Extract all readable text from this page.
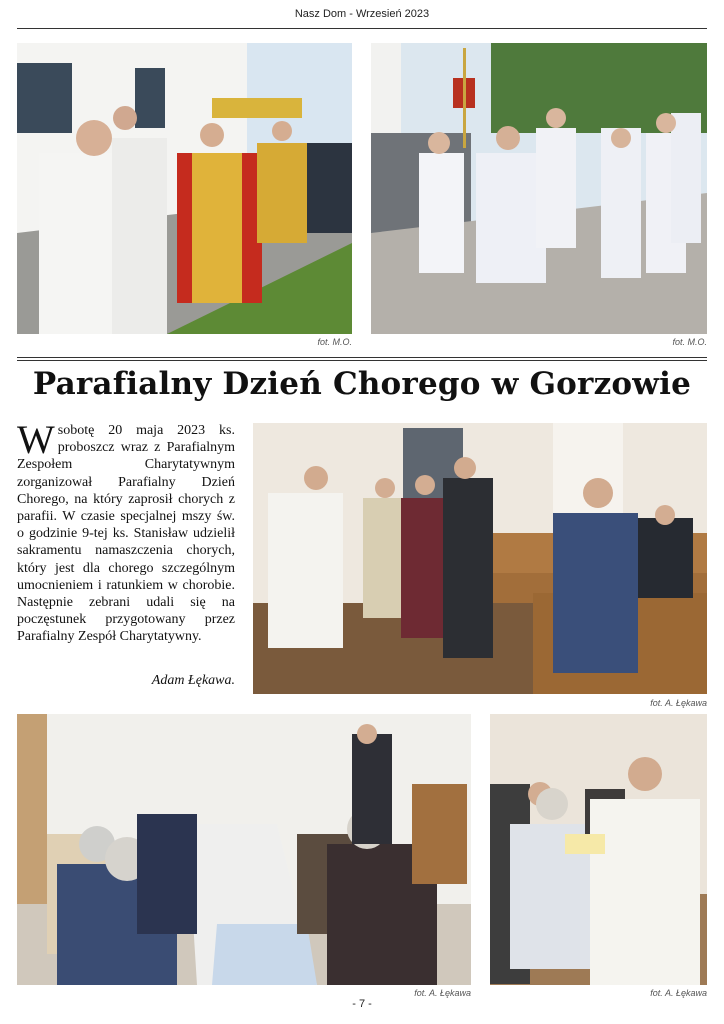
Nasz Dom - Wrzesień 2023
fot. M.O.	fot. M.O.
Parafialny Dzień Chorego w Gorzowie
W sobotę 20 maja 2023 ks. proboszcz wraz z Parafialnym Zespołem Charytatywnym zorganizował Parafialny Dzień Chorego, na który zaprosił chorych z parafii. W czasie specjalnej mszy św. o godzinie 9-tej ks. Stanisław udzielił sakramentu namaszczenia chorych, który jest dla chorego szczególnym umocnieniem i ratunkiem w chorobie. Następnie zebrani udali się na poczęstunek przygotowany przez Parafialny Zespół Charytatywny.
Adam Łękawa.
fot. A. Łękawa
fot. A. Łękawa	fot. A. Łękawa
- 7 -
